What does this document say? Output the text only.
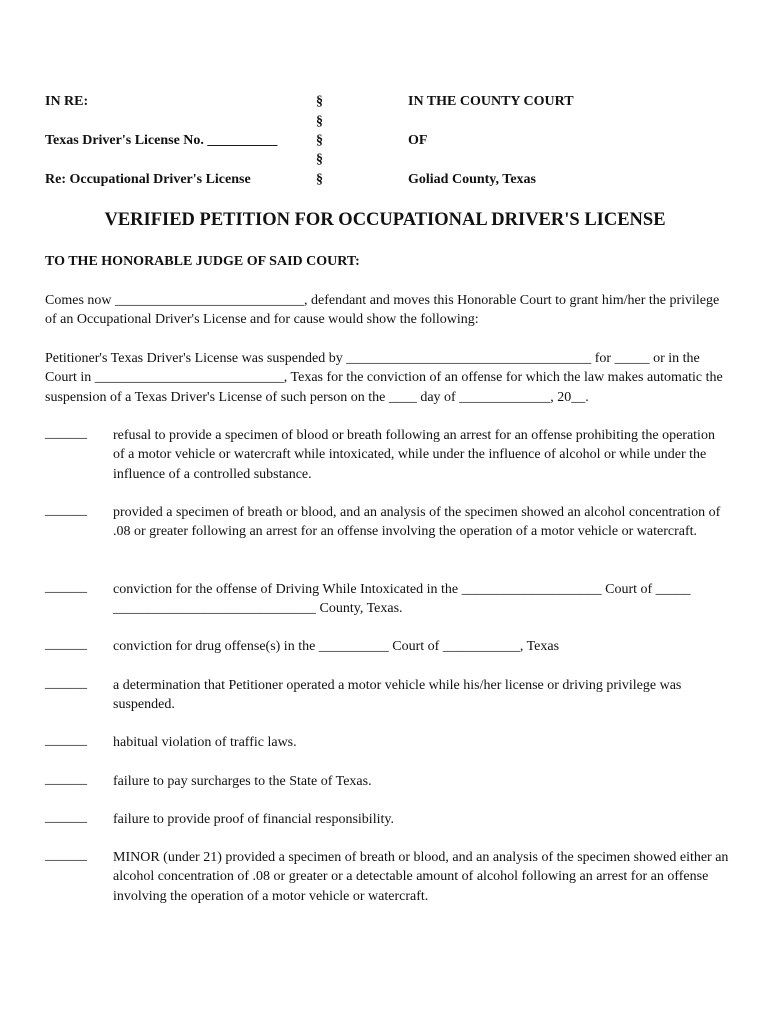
IN RE:
Texas Driver's License No. __________
Re: Occupational Driver's License
§
§
§
§
§
IN THE COUNTY COURT
OF
Goliad County, Texas
VERIFIED PETITION FOR OCCUPATIONAL DRIVER'S LICENSE
TO THE HONORABLE JUDGE OF SAID COURT:
Comes now ___________________________, defendant and moves this Honorable Court to grant him/her the privilege of an Occupational Driver's License and for cause would show the following:
Petitioner's Texas Driver's License was suspended by ___________________________________ for _____ or in the Court in ___________________________, Texas for the conviction of an offense for which the law makes automatic the suspension of a Texas Driver's License of such person on the ____ day of _____________, 20__.
______ refusal to provide a specimen of blood or breath following an arrest for an offense prohibiting the operation of a motor vehicle or watercraft while intoxicated, while under the influence of alcohol or while under the influence of a controlled substance.
______ provided a specimen of breath or blood, and an analysis of the specimen showed an alcohol concentration of .08 or greater following an arrest for an offense involving the operation of a motor vehicle or watercraft.
______ conviction for the offense of Driving While Intoxicated in the ____________________ Court of _____ _____________________________ County, Texas.
______ conviction for drug offense(s) in the __________ Court of ___________, Texas
______ a determination that Petitioner operated a motor vehicle while his/her license or driving privilege was suspended.
______ habitual violation of traffic laws.
______ failure to pay surcharges to the State of Texas.
______ failure to provide proof of financial responsibility.
______ MINOR (under 21) provided a specimen of breath or blood, and an analysis of the specimen showed either an alcohol concentration of .08 or greater or a detectable amount of alcohol following an arrest for an offense involving the operation of a motor vehicle or watercraft.
